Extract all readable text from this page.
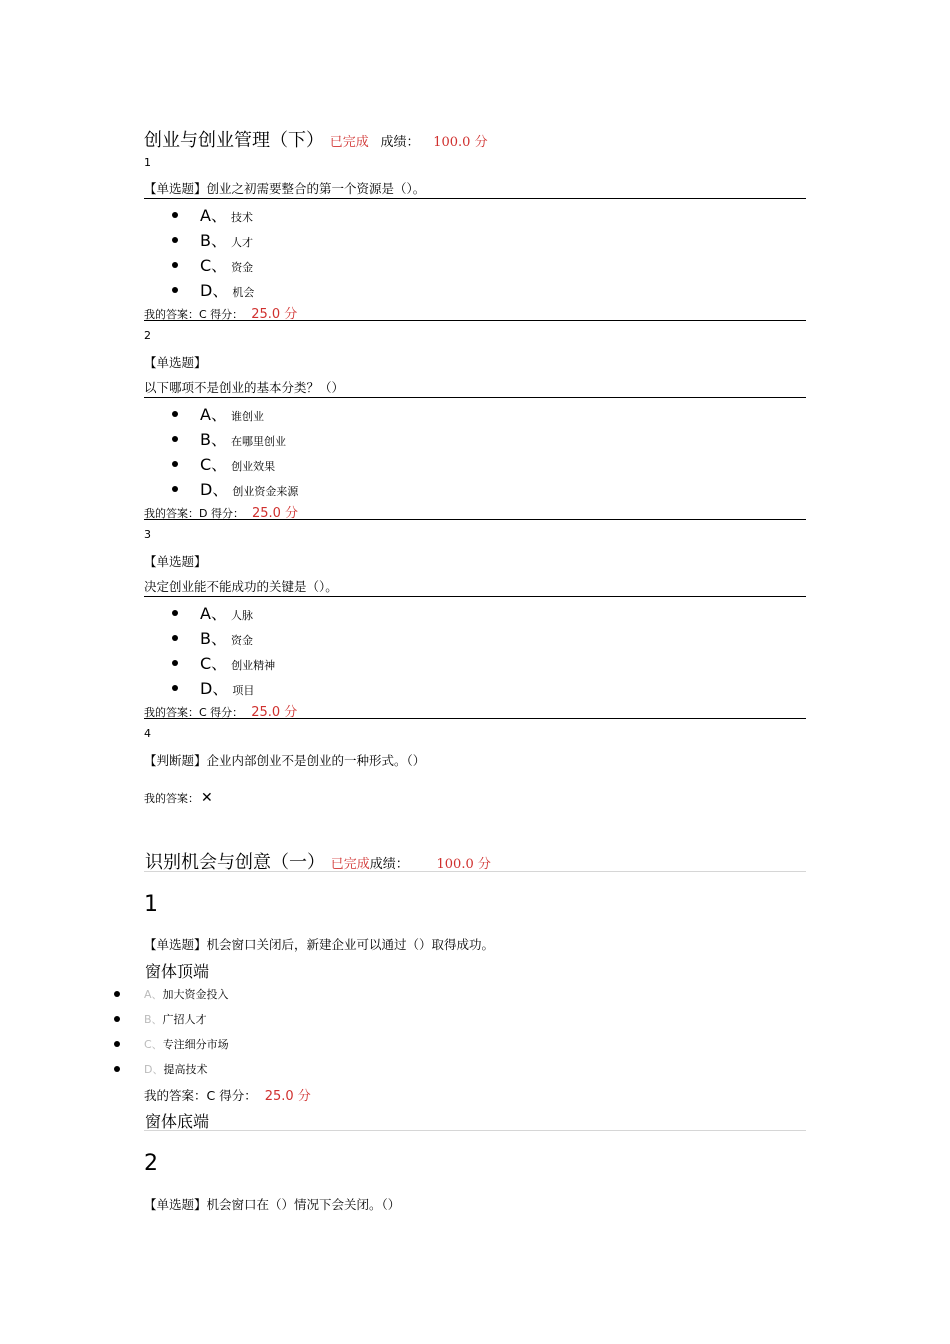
创业与创业管理（下） 已完成 成绩： 100.0 分
1
【单选题】创业之初需要整合的第一个资源是（）。
A、 技术
B、 人才
C、 资金
D、 机会
我的答案：C 得分： 25.0 分
2
【单选题】
以下哪项不是创业的基本分类？（）
A、 谁创业
B、 在哪里创业
C、 创业效果
D、 创业资金来源
我的答案：D 得分： 25.0 分
3
【单选题】
决定创业能不能成功的关键是（）。
A、 人脉
B、 资金
C、 创业精神
D、 项目
我的答案：C 得分： 25.0 分
4
【判断题】企业内部创业不是创业的一种形式。（）
我的答案： ✕
识别机会与创意（一） 已完成成绩： 100.0 分
1
【单选题】机会窗口关闭后，新建企业可以通过（）取得成功。
窗体顶端
A、加大资金投入
B、广招人才
C、专注细分市场
D、提高技术
我的答案：C 得分： 25.0 分
窗体底端
2
【单选题】机会窗口在（）情况下会关闭。（）
